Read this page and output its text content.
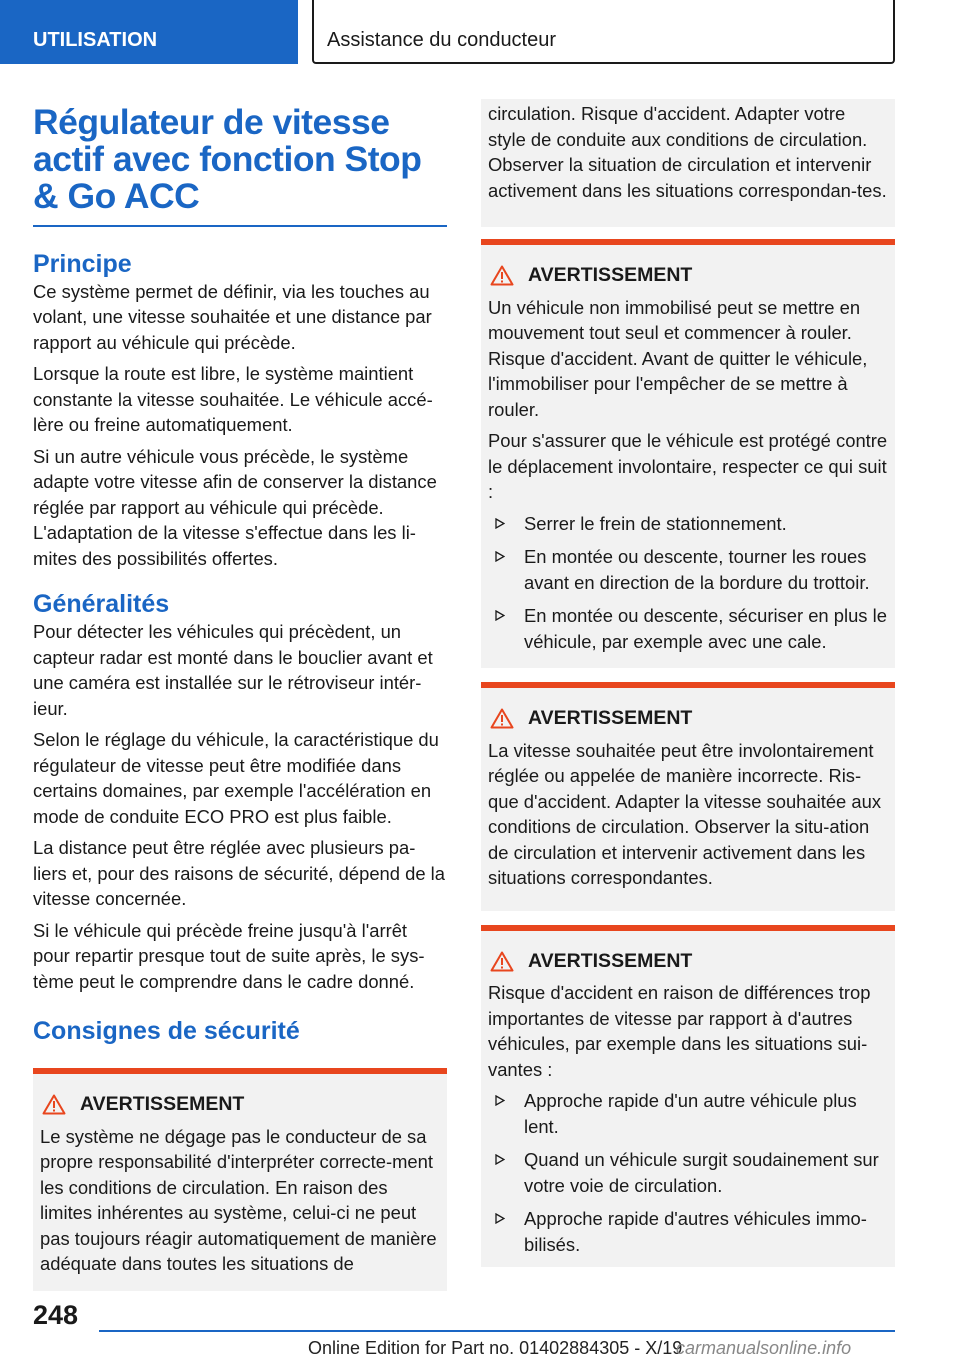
UTILISATION	Assistance du conducteur
Régulateur de vitesse actif avec fonction Stop & Go ACC
Principe

Ce système permet de définir, via les touches au volant, une vitesse souhaitée et une distance par rapport au véhicule qui précède.

Lorsque la route est libre, le système maintient constante la vitesse souhaitée. Le véhicule accé-lère ou freine automatiquement.

Si un autre véhicule vous précède, le système adapte votre vitesse afin de conserver la distance réglée par rapport au véhicule qui précède. L'adaptation de la vitesse s'effectue dans les li-mites des possibilités offertes.

Généralités

Pour détecter les véhicules qui précèdent, un capteur radar est monté dans le bouclier avant et une caméra est installée sur le rétroviseur intér-ieur.

Selon le réglage du véhicule, la caractéristique du régulateur de vitesse peut être modifiée dans certains domaines, par exemple l'accélération en mode de conduite ECO PRO est plus faible.

La distance peut être réglée avec plusieurs pa-liers et, pour des raisons de sécurité, dépend de la vitesse concernée.

Si le véhicule qui précède freine jusqu'à l'arrêt pour repartir presque tout de suite après, le sys-tème peut le comprendre dans le cadre donné.

Consignes de sécurité
AVERTISSEMENT

Le système ne dégage pas le conducteur de sa propre responsabilité d'interpréter correcte-ment les conditions de circulation. En raison des limites inhérentes au système, celui-ci ne peut pas toujours réagir automatiquement de manière adéquate dans toutes les situations de

circulation. Risque d'accident. Adapter votre style de conduite aux conditions de circulation. Observer la situation de circulation et intervenir activement dans les situations correspondan-tes.

AVERTISSEMENT

Un véhicule non immobilisé peut se mettre en mouvement tout seul et commencer à rouler. Risque d'accident. Avant de quitter le véhicule, l'immobiliser pour l'empêcher de se mettre à rouler.

Pour s'assurer que le véhicule est protégé contre le déplacement involontaire, respecter ce qui suit :

Serrer le frein de stationnement.
En montée ou descente, tourner les roues avant en direction de la bordure du trottoir.
En montée ou descente, sécuriser en plus le véhicule, par exemple avec une cale.
AVERTISSEMENT

La vitesse souhaitée peut être involontairement réglée ou appelée de manière incorrecte. Ris-que d'accident. Adapter la vitesse souhaitée aux conditions de circulation. Observer la situ-ation de circulation et intervenir activement dans les situations correspondantes.

AVERTISSEMENT

Risque d'accident en raison de différences trop importantes de vitesse par rapport à d'autres véhicules, par exemple dans les situations sui-vantes :

Approche rapide d'un autre véhicule plus lent.
Quand un véhicule surgit soudainement sur votre voie de circulation.
Approche rapide d'autres véhicules immo-bilisés.
248
Online Edition for Part no. 01402884305 - X/19
carmanualsonline.info
